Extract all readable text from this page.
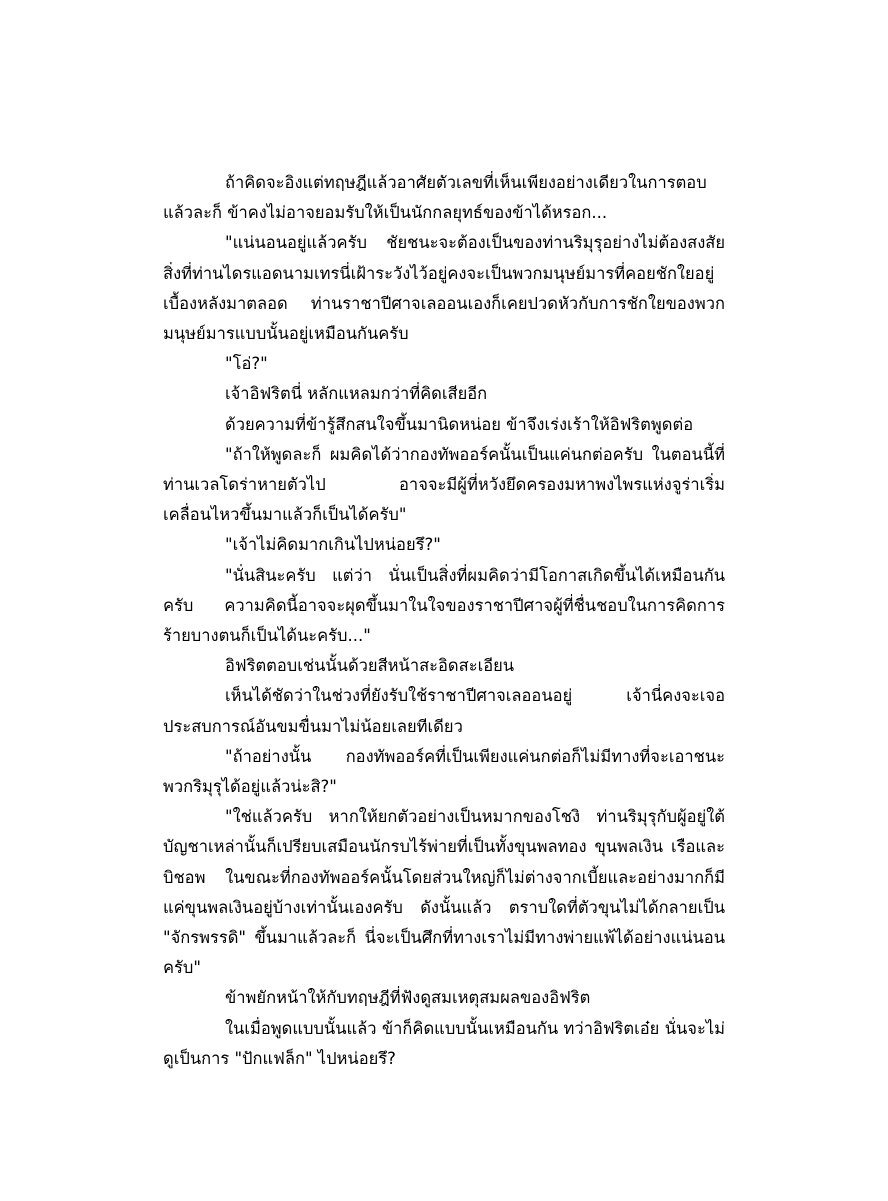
ถ้าคิดจะอิงแต่ทฤษฎีแล้วอาศัยตัวเลขที่เห็นเพียงอย่างเดียวในการตอบแล้วละก็ ข้าคงไม่อาจยอมรับให้เป็นนักกลยุทธ์ของข้าได้หรอก...

"แน่นอนอยู่แล้วครับ ชัยชนะจะต้องเป็นของท่านริมุรุอย่างไม่ต้องสงสัย สิ่งที่ท่านไดรแอดนามเทรนี่เฝ้าระวังไว้อยู่คงจะเป็นพวกมนุษย์มารที่คอยชักใยอยู่เบื้องหลังมาตลอด ท่านราชาปีศาจเลออนเองก็เคยปวดหัวกับการชักใยของพวกมนุษย์มารแบบนั้นอยู่เหมือนกันครับ

"โอ่?"

เจ้าอิฟริตนี่ หลักแหลมกว่าที่คิดเสียอีก

ด้วยความที่ข้ารู้สึกสนใจขึ้นมานิดหน่อย ข้าจึงเร่งเร้าให้อิฟริตพูดต่อ

"ถ้าให้พูดละก็ ผมคิดได้ว่ากองทัพออร์คนั้นเป็นแค่นกต่อครับ ในตอนนี้ที่ท่านเวลโดร่าหายตัวไป อาจจะมีผู้ที่หวังยึดครองมหาพงไพรแห่งจูร่าเริ่มเคลื่อนไหวขึ้นมาแล้วก็เป็นได้ครับ"

"เจ้าไม่คิดมากเกินไปหน่อยรึ?"

"นั่นสินะครับ แต่ว่า นั่นเป็นสิ่งที่ผมคิดว่ามีโอกาสเกิดขึ้นได้เหมือนกันครับ ความคิดนี้อาจจะผุดขึ้นมาในใจของราชาปีศาจผู้ที่ชื่นชอบในการคิดการร้ายบางตนก็เป็นได้นะครับ..."

อิฟริตตอบเช่นนั้นด้วยสีหน้าสะอิดสะเอียน

เห็นได้ชัดว่าในช่วงที่ยังรับใช้ราชาปีศาจเลออนอยู่ เจ้านี่คงจะเจอประสบการณ์อันขมขื่นมาไม่น้อยเลยทีเดียว

"ถ้าอย่างนั้น กองทัพออร์คที่เป็นเพียงแค่นกต่อก็ไม่มีทางที่จะเอาชนะพวกริมุรุได้อยู่แล้วน่ะสิ?"

"ใช่แล้วครับ หากให้ยกตัวอย่างเป็นหมากของโชงิ ท่านริมุรุกับผู้อยู่ใต้บัญชาเหล่านั้นก็เปรียบเสมือนนักรบไร้พ่ายที่เป็นทั้งขุนพลทอง ขุนพลเงิน เรือและบิชอพ ในขณะที่กองทัพออร์คนั้นโดยส่วนใหญ่ก็ไม่ต่างจากเบี้ยและอย่างมากก็มีแค่ขุนพลเงินอยู่บ้างเท่านั้นเองครับ ดังนั้นแล้ว ตราบใดที่ตัวขุนไม่ได้กลายเป็น "จักรพรรดิ" ขึ้นมาแล้วละก็ นี่จะเป็นศึกที่ทางเราไม่มีทางพ่ายแพ้ได้อย่างแน่นอนครับ"

ข้าพยักหน้าให้กับทฤษฎีที่ฟังดูสมเหตุสมผลของอิฟริต

ในเมื่อพูดแบบนั้นแล้ว ข้าก็คิดแบบนั้นเหมือนกัน ทว่าอิฟริตเอ๋ย นั่นจะไม่ดูเป็นการ "ปักแฟล็ก" ไปหน่อยรึ?
